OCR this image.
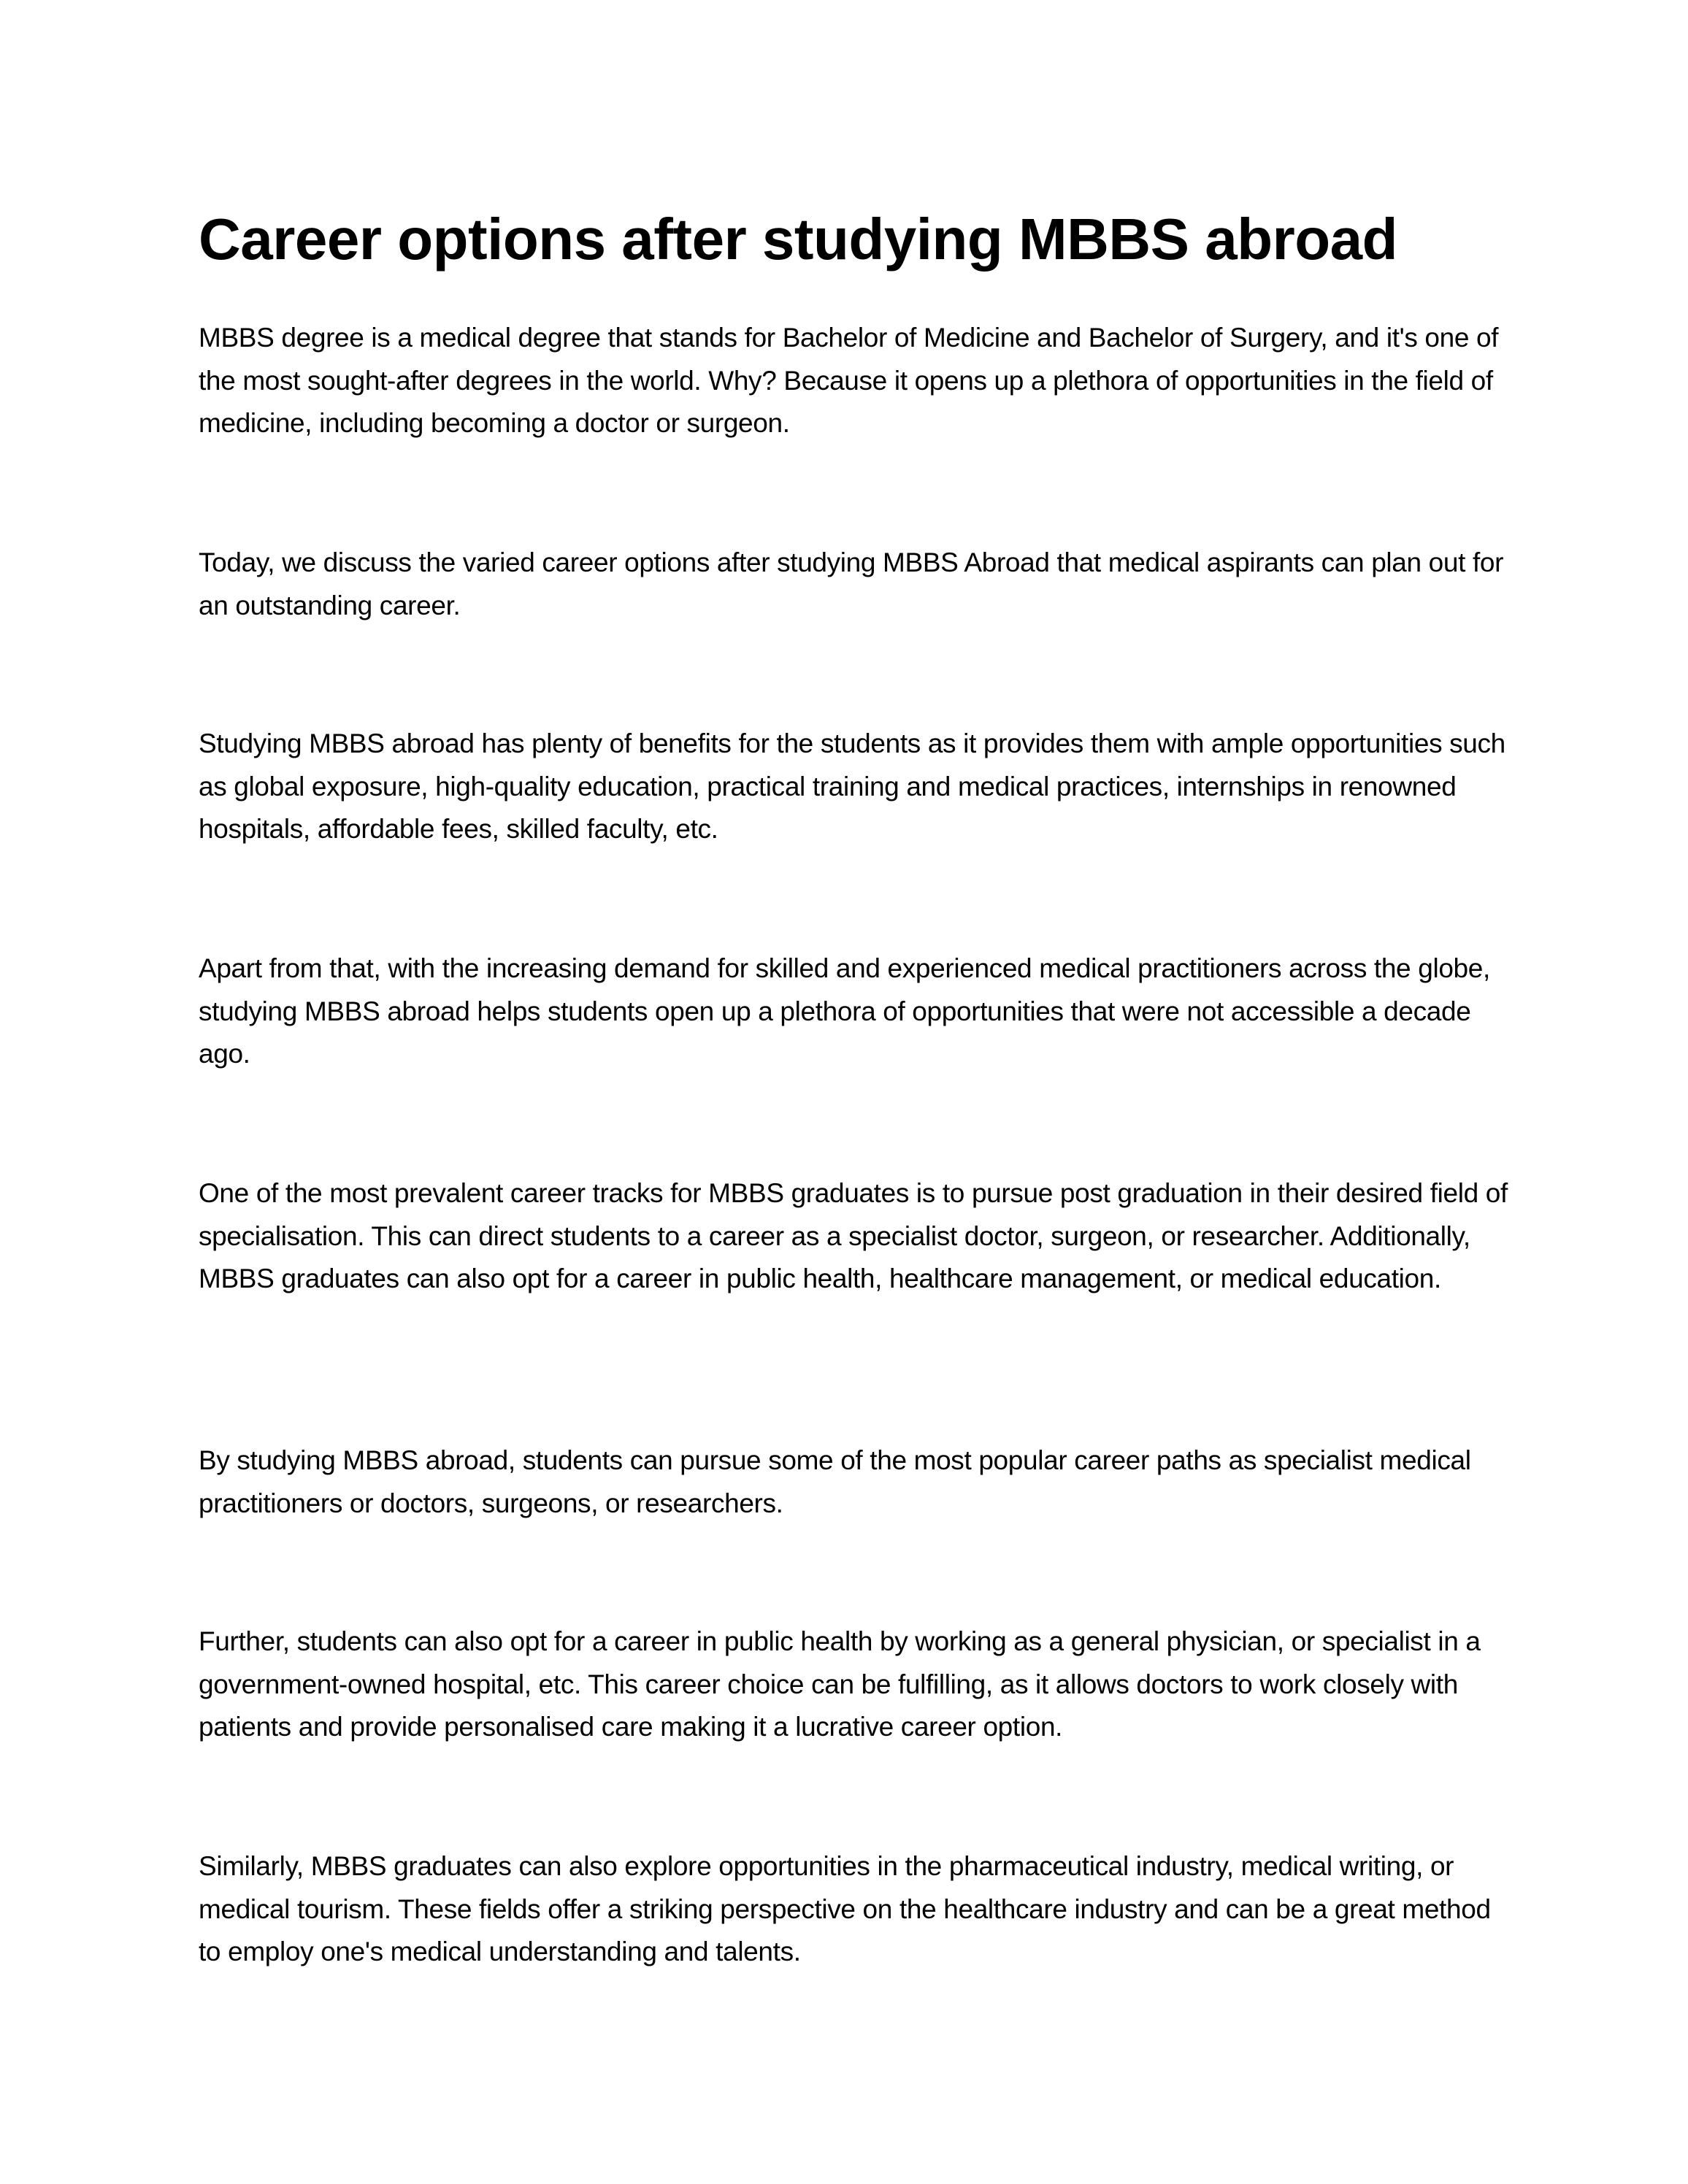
Career options after studying MBBS abroad

MBBS degree is a medical degree that stands for Bachelor of Medicine and Bachelor of Surgery, and it's one of the most sought-after degrees in the world. Why? Because it opens up a plethora of opportunities in the field of medicine, including becoming a doctor or surgeon.

Today, we discuss the varied career options after studying MBBS Abroad that medical aspirants can plan out for an outstanding career.

Studying MBBS abroad has plenty of benefits for the students as it provides them with ample opportunities such as global exposure, high-quality education, practical training and medical practices, internships in renowned hospitals, affordable fees, skilled faculty, etc.

Apart from that, with the increasing demand for skilled and experienced medical practitioners across the globe, studying MBBS abroad helps students open up a plethora of opportunities that were not accessible a decade ago.

One of the most prevalent career tracks for MBBS graduates is to pursue post graduation in their desired field of specialisation. This can direct students to a career as a specialist doctor, surgeon, or researcher. Additionally, MBBS graduates can also opt for a career in public health, healthcare management, or medical education.

By studying MBBS abroad, students can pursue some of the most popular career paths as specialist medical practitioners or doctors, surgeons, or researchers.

Further, students can also opt for a career in public health by working as a general physician, or specialist in a government-owned hospital, etc. This career choice can be fulfilling, as it allows doctors to work closely with patients and provide personalised care making it a lucrative career option.

Similarly, MBBS graduates can also explore opportunities in the pharmaceutical industry, medical writing, or medical tourism. These fields offer a striking perspective on the healthcare industry and can be a great method to employ one's medical understanding and talents.
